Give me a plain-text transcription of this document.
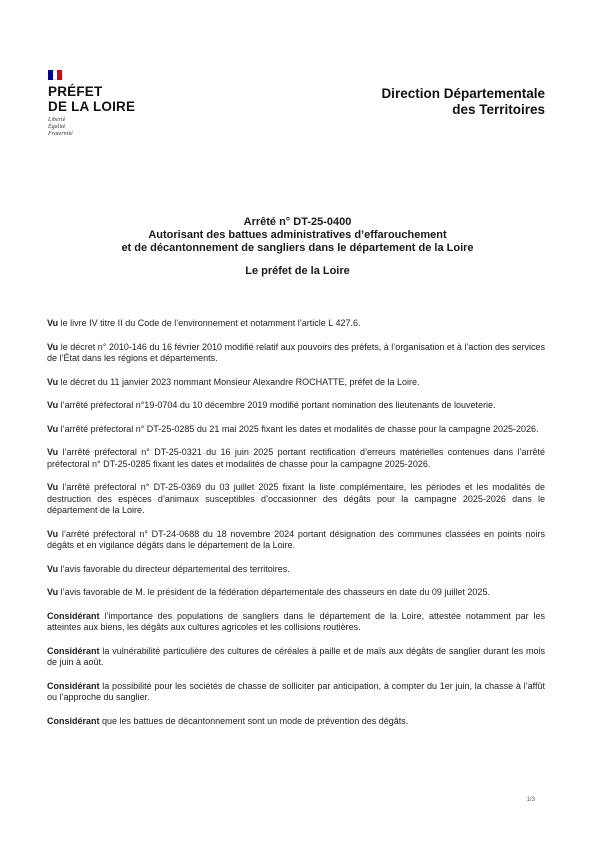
PRÉFET
DE LA LOIRE
Liberté
Égalité
Fraternité
Direction Départementale
des Territoires
Arrêté n° DT-25-0400
Autorisant des battues administratives d’effarouchement
et de décantonnement de sangliers dans le département de la Loire
Le préfet de la Loire

Vu le livre IV titre II du Code de l’environnement et notamment l’article L 427.6.

Vu le décret n° 2010-146 du 16 février 2010 modifié relatif aux pouvoirs des préfets, à l’organisation et à l’action des services de l’État dans les régions et départements.

Vu le décret du 11 janvier 2023 nommant Monsieur Alexandre ROCHATTE, préfet de la Loire.

Vu l’arrêté préfectoral n°19-0704 du 10 décembre 2019 modifié portant nomination des lieutenants de louveterie.

Vu l’arrêté préfectoral n° DT-25-0285 du 21 mai 2025 fixant les dates et modalités de chasse pour la campagne 2025-2026.

Vu l’arrêté préfectoral n° DT-25-0321 du 16 juin 2025 portant rectification d’erreurs matérielles contenues dans l’arrêté préfectoral n° DT-25-0285 fixant les dates et modalités de chasse pour la campagne 2025-2026.

Vu l’arrêté préfectoral n° DT-25-0369 du 03 juillet 2025 fixant la liste complémentaire, les périodes et les modalités de destruction des espèces d’animaux susceptibles d’occasionner des dégâts pour la campagne 2025-2026 dans le département de la Loire.

Vu l’arrêté préfectoral n° DT-24-0688 du 18 novembre 2024 portant désignation des communes classées en points noirs dégâts et en vigilance dégâts dans le département de la Loire.

Vu l’avis favorable du directeur départemental des territoires.

Vu l’avis favorable de M. le président de la fédération départementale des chasseurs en date du 09 juillet 2025.

Considérant l’importance des populations de sangliers dans le département de la Loire, attestée notamment par les atteintes aux biens, les dégâts aux cultures agricoles et les collisions routières.

Considérant la vulnérabilité particulière des cultures de céréales à paille et de maïs aux dégâts de sanglier durant les mois de juin à août.

Considérant la possibilité pour les sociétés de chasse de solliciter par anticipation, à compter du 1er juin, la chasse à l’affût ou l’approche du sanglier.

Considérant que les battues de décantonnement sont un mode de prévention des dégâts.

1/3
